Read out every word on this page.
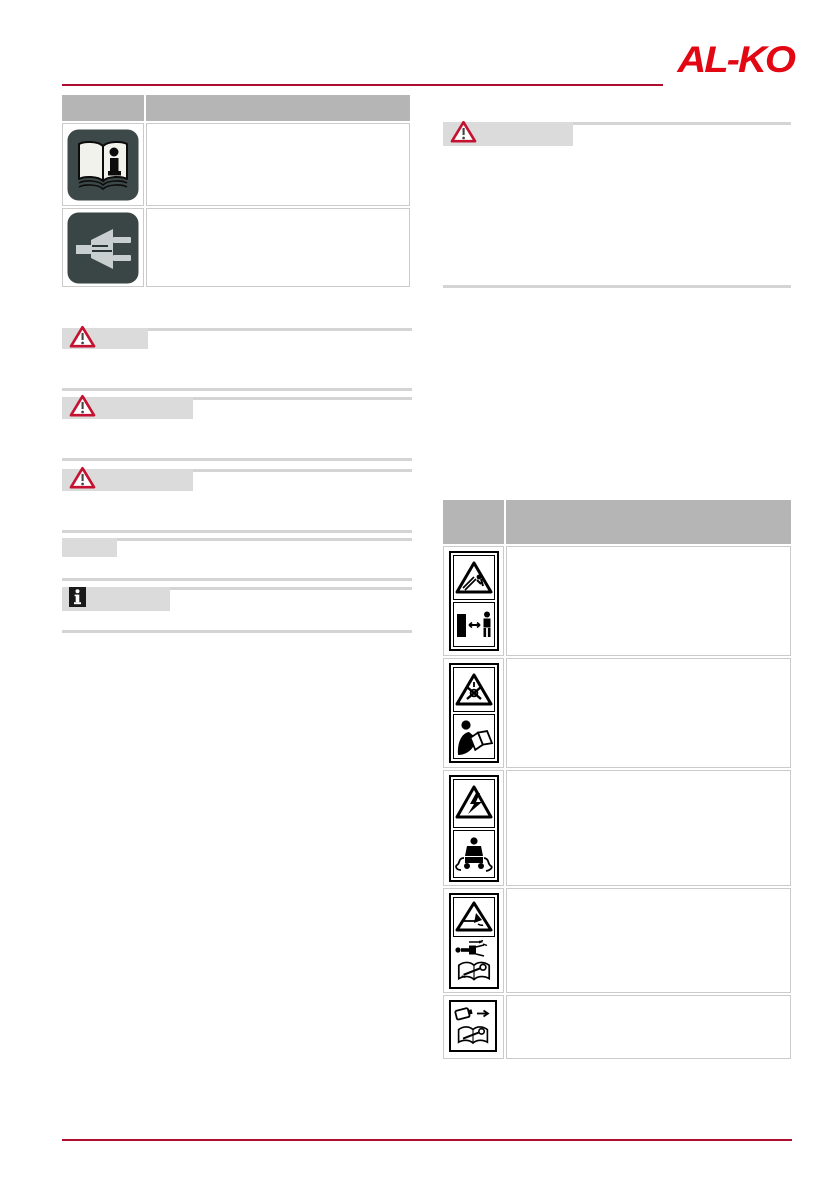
AL-KO
